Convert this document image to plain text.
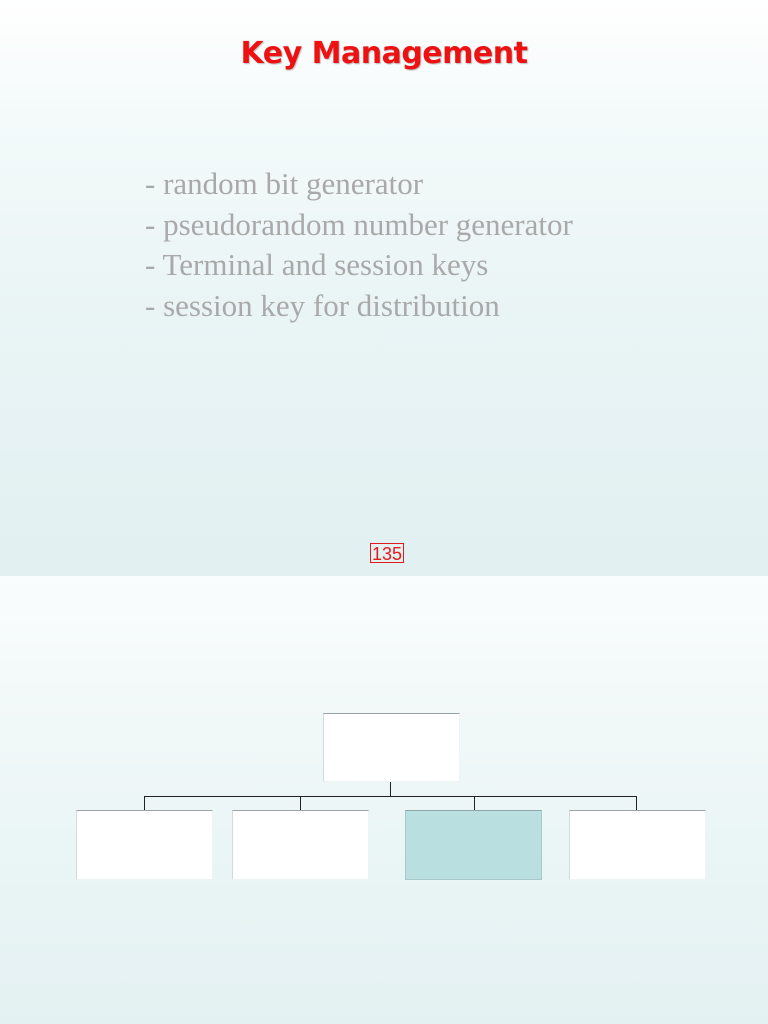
Key Management
- random bit generator
- pseudorandom number generator
- Terminal and session keys
- session key for distribution
135
